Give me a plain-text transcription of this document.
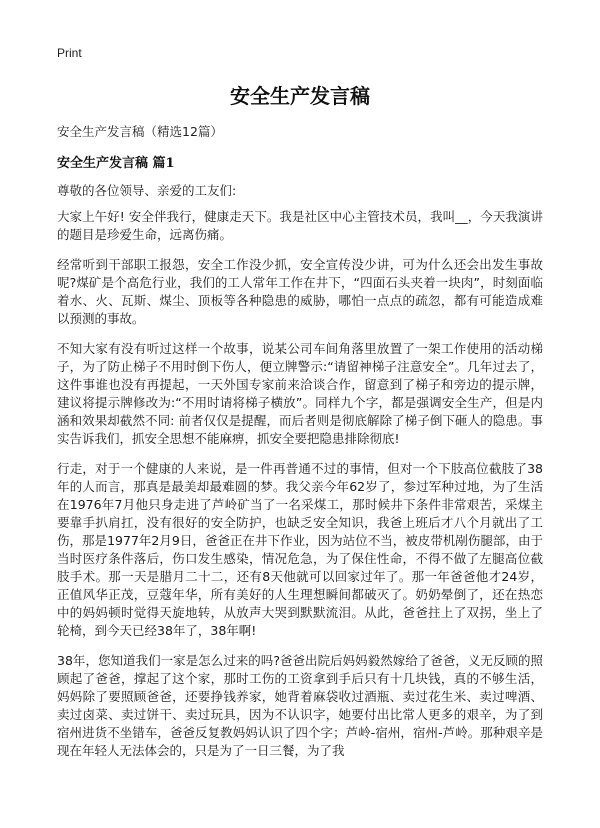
Print
安全生产发言稿
安全生产发言稿（精选12篇）
安全生产发言稿 篇1
尊敬的各位领导、亲爱的工友们:

大家上午好! 安全伴我行，健康走天下。我是社区中心主管技术员，我叫__，今天我演讲的题目是珍爱生命，远离伤痛。

经常听到干部职工报怨，安全工作没少抓，安全宣传没少讲，可为什么还会出发生事故呢?煤矿是个高危行业，我们的工人常年工作在井下，“四面石头夹着一块肉”，时刻面临着水、火、瓦斯、煤尘、顶板等各种隐患的威胁，哪怕一点点的疏忽，都有可能造成难以预测的事故。

不知大家有没有听过这样一个故事，说某公司车间角落里放置了一架工作使用的活动梯子，为了防止梯子不用时倒下伤人，便立牌警示:“请留神梯子注意安全”。几年过去了，这件事谁也没有再提起，一天外国专家前来洽谈合作，留意到了梯子和旁边的提示牌，建议将提示牌修改为:“不用时请将梯子横放”。同样九个字，都是强调安全生产，但是内涵和效果却截然不同: 前者仅仅是提醒，而后者则是彻底解除了梯子倒下砸人的隐患。事实告诉我们，抓安全思想不能麻痹，抓安全要把隐患排除彻底!

行走，对于一个健康的人来说，是一件再普通不过的事情，但对一个下肢高位截肢了38年的人而言，那真是最美却最难圆的梦。我父亲今年62岁了，参过军种过地，为了生活在1976年7月他只身走进了芦岭矿当了一名采煤工，那时候井下条件非常艰苦，采煤主要靠手扒肩扛，没有很好的安全防护，也缺乏安全知识，我爸上班后才八个月就出了工伤，那是1977年2月9日，爸爸正在井下作业，因为站位不当，被皮带机剐伤腿部，由于当时医疗条件落后，伤口发生感染，情况危急，为了保住性命，不得不做了左腿高位截肢手术。那一天是腊月二十二，还有8天他就可以回家过年了。那一年爸爸他才24岁，正值风华正茂，豆蔻年华，所有美好的人生理想瞬间都破灭了。奶奶晕倒了，还在热恋中的妈妈顿时觉得天旋地转，从放声大哭到默默流泪。从此，爸爸拄上了双拐，坐上了轮椅，到今天已经38年了，38年啊!

38年，您知道我们一家是怎么过来的吗?爸爸出院后妈妈毅然嫁给了爸爸，义无反顾的照顾起了爸爸，撑起了这个家，那时工伤的工资拿到手后只有十几块钱，真的不够生活，妈妈除了要照顾爸爸，还要挣钱养家，她背着麻袋收过酒瓶、卖过花生米、卖过啤酒、卖过卤菜、卖过饼干、卖过玩具，因为不认识字，她要付出比常人更多的艰辛，为了到宿州进货不坐错车，爸爸反复教妈妈认识了四个字；芦岭-宿州，宿州-芦岭。那种艰辛是现在年轻人无法体会的，只是为了一日三餐，为了我
